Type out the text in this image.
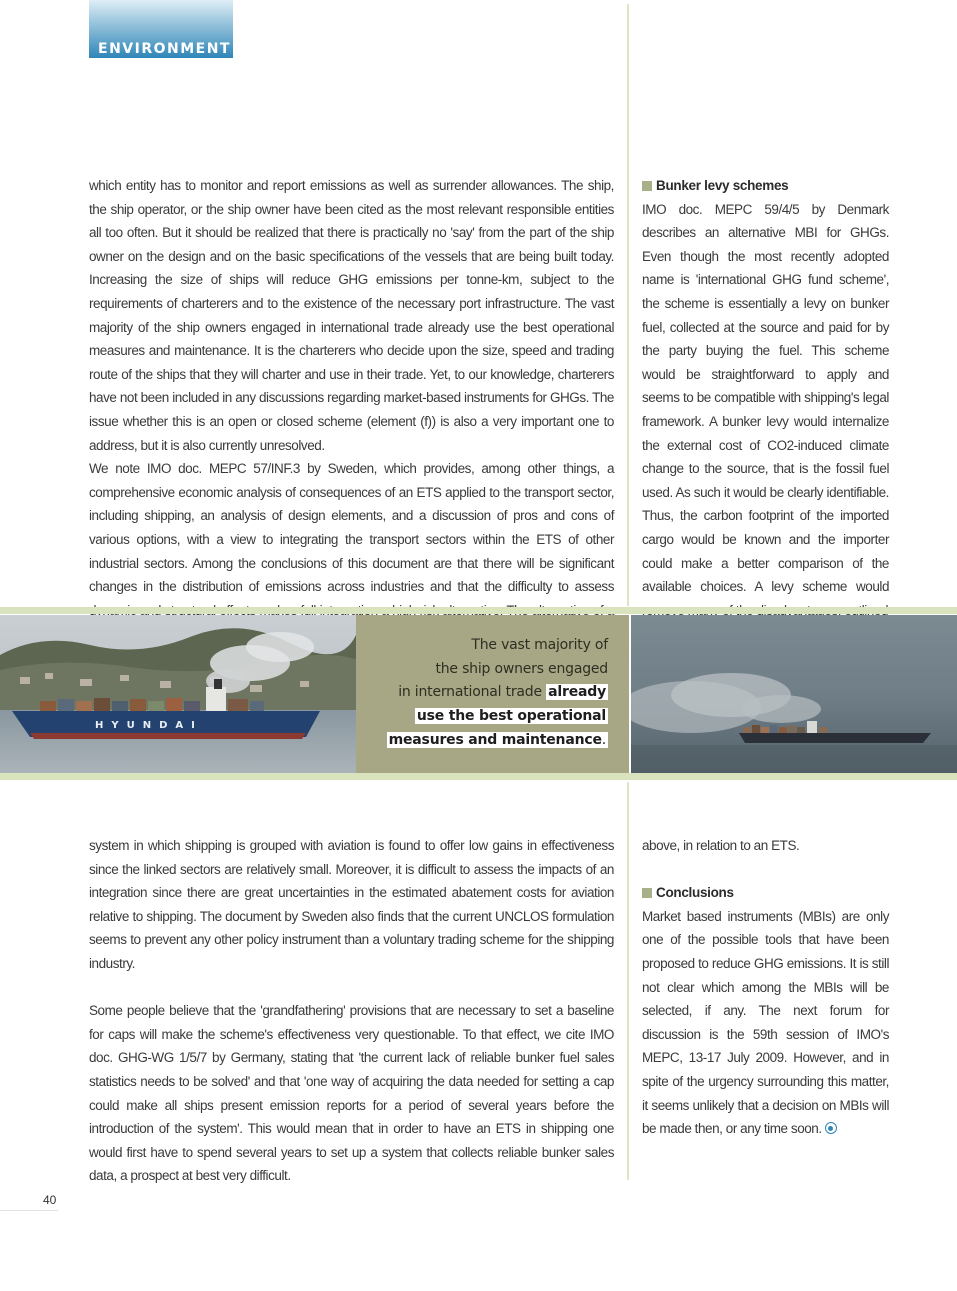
ENVIRONMENT

which entity has to monitor and report emissions as well as surrender allowances. The ship, the ship operator, or the ship owner have been cited as the most relevant responsible entities all too often. But it should be realized that there is practically no 'say' from the part of the ship owner on the design and on the basic specifications of the vessels that are being built today. Increasing the size of ships will reduce GHG emissions per tonne-km, subject to the requirements of charterers and to the existence of the necessary port infrastructure. The vast majority of the ship owners engaged in international trade already use the best operational measures and maintenance. It is the charterers who decide upon the size, speed and trading route of the ships that they will charter and use in their trade. Yet, to our knowledge, charterers have not been included in any discussions regarding market-based instruments for GHGs. The issue whether this is an open or closed scheme (element (f)) is also a very important one to address, but it is also currently unresolved.

We note IMO doc. MEPC 57/INF.3 by Sweden, which provides, among other things, a comprehensive economic analysis of consequences of an ETS applied to the transport sector, including shipping, an analysis of design elements, and a discussion of pros and cons of various options, with a view to integrating the transport sectors within the ETS of other industrial sectors. Among the conclusions of this document are that there will be significant changes in the distribution of emissions across industries and that the difficulty to assess

Bunker levy schemes

IMO doc. MEPC 59/4/5 by Denmark describes an alternative MBI for GHGs. Even though the most recently adopted name is 'international GHG fund scheme', the scheme is essentially a levy on bunker fuel, collected at the source and paid for by the party buying the fuel. This scheme would be straightforward to apply and seems to be compatible with shipping's legal framework. A bunker levy would internalize the external cost of CO2-induced climate change to the source, that is the fossil fuel used. As such it would be clearly identifiable. Thus, the carbon footprint of the imported cargo would be known and the importer could make a better comparison of the available choices. A levy scheme would

HYUNDAI
The vast majority of
the ship owners engaged
in international trade already
use the best operational
measures and maintenance.

system in which shipping is grouped with aviation is found to offer low gains in effectiveness since the linked sectors are relatively small. Moreover, it is difficult to assess the impacts of an integration since there are great uncertainties in the estimated abatement costs for aviation relative to shipping. The document by Sweden also finds that the current UNCLOS formulation seems to prevent any other policy instrument than a voluntary trading scheme for the shipping industry.

Some people believe that the 'grandfathering' provisions that are necessary to set a baseline for caps will make the scheme's effectiveness very questionable. To that effect, we cite IMO doc. GHG-WG 1/5/7 by Germany, stating that 'the current lack of reliable bunker fuel sales statistics needs to be solved' and that 'one way of acquiring the data needed for setting a cap could make all ships present emission reports for a period of several years before the introduction of the system'. This would mean that in order to have an ETS in shipping one would first have to spend several years to set up a system that collects reliable bunker sales data, a prospect at best very difficult.

above, in relation to an ETS.

Conclusions

Market based instruments (MBIs) are only one of the possible tools that have been proposed to reduce GHG emissions. It is still not clear which among the MBIs will be selected, if any. The next forum for discussion is the 59th session of IMO's MEPC, 13-17 July 2009. However, and in spite of the urgency surrounding this matter, it seems unlikely that a decision on MBIs will be made then, or any time soon.

40
